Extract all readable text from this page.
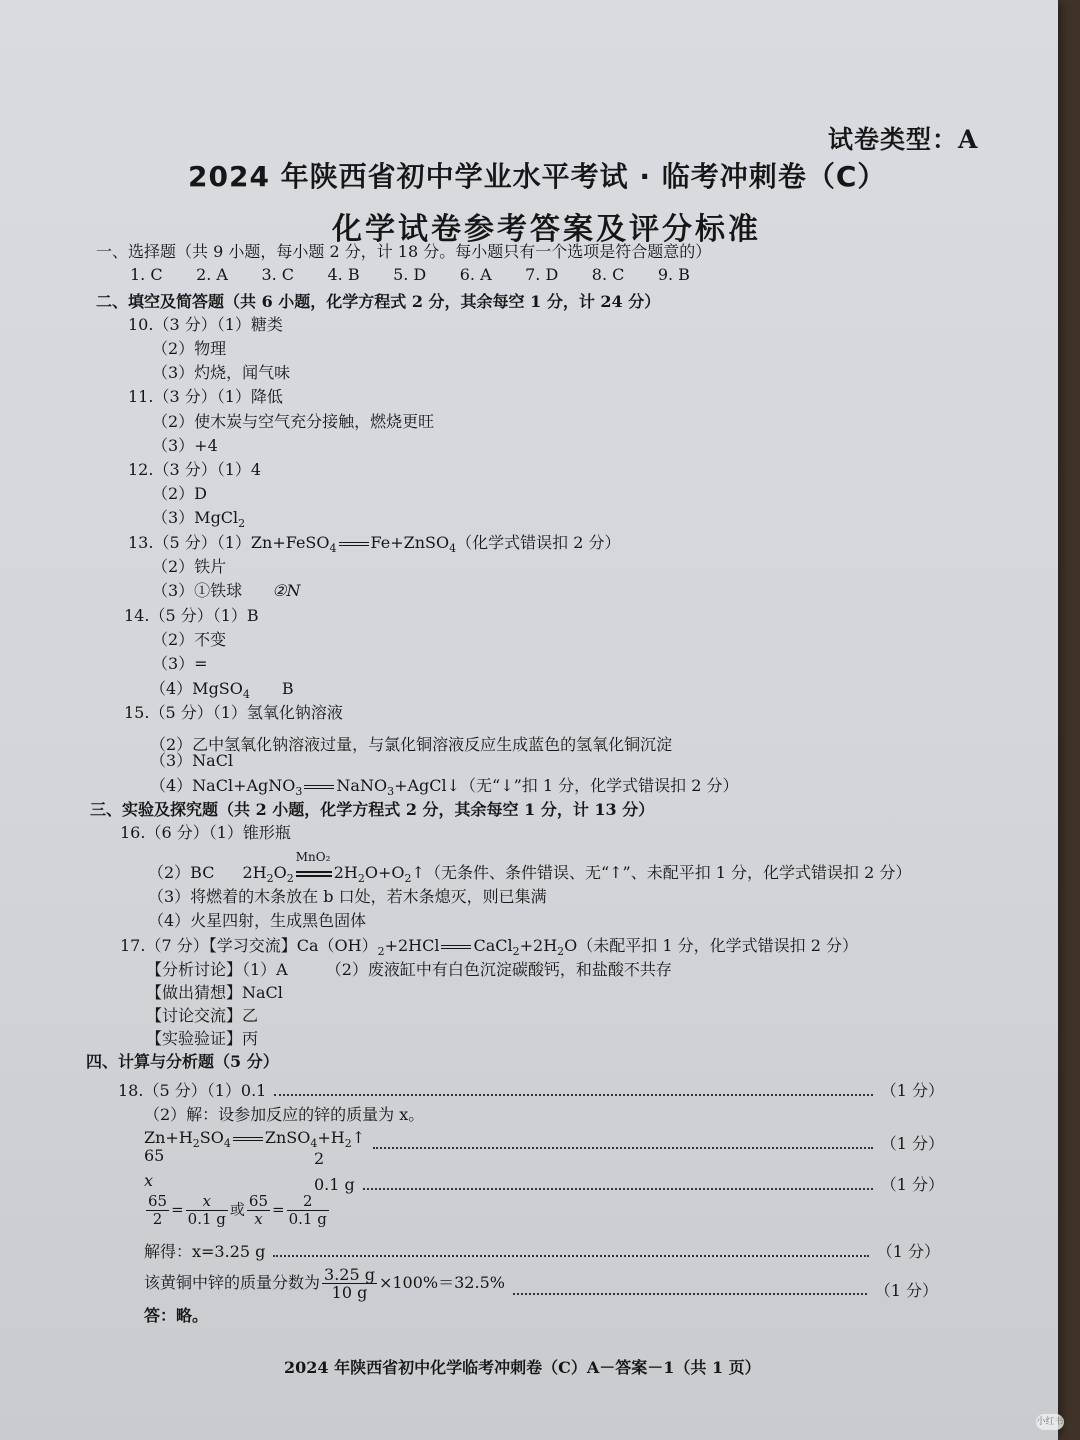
试卷类型：A
2024 年陕西省初中学业水平考试 · 临考冲刺卷（C）
化学试卷参考答案及评分标准
一、选择题（共 9 小题，每小题 2 分，计 18 分。每小题只有一个选项是符合题意的）
1. C 2. A 3. C 4. B 5. D 6. A 7. D 8. C 9. B
二、填空及简答题（共 6 小题，化学方程式 2 分，其余每空 1 分，计 24 分）
10.（3 分）（1）糖类
（2）物理
（3）灼烧，闻气味
11.（3 分）（1）降低
（2）使木炭与空气充分接触，燃烧更旺
（3）+4
12.（3 分）（1）4
（2）D
（3）MgCl$_2$
13.（5 分）（1）Zn+FeSO$_4$ Fe+ZnSO$_4$（化学式错误扣 2 分）
（2）铁片
（3）①铁球 ②N
14.（5 分）（1）B
（2）不变
（3）=
（4）MgSO$_4$ B
15.（5 分）（1）氢氧化钠溶液
（2）乙中氢氧化钠溶液过量，与氯化铜溶液反应生成蓝色的氢氧化铜沉淀
（3）NaCl
（4）NaCl+AgNO$_3$ NaNO$_3$+AgCl↓（无“↓”扣 1 分，化学式错误扣 2 分）
三、实验及探究题（共 2 小题，化学方程式 2 分，其余每空 1 分，计 13 分）
16.（6 分）（1）锥形瓶
（2）BC $2H_2O_2$
MnO₂
$2H_2O+O_2↑$（无条件、条件错误、无“↑”、未配平扣 1 分，化学式错误扣 2 分）
（3）将燃着的木条放在 b 口处，若木条熄灭，则已集满
（4）火星四射，生成黑色固体
17.（7 分）【学习交流】$Ca(OH)_2+2HCl$ $CaCl_2+2H_2O$（未配平扣 1 分，化学式错误扣 2 分）
【分析讨论】（1）A （2）废液缸中有白色沉淀碳酸钙，和盐酸不共存
【做出猜想】NaCl
【讨论交流】乙
【实验验证】丙
四、计算与分析题（5 分）
18.（5 分）（1）0.1	（1 分）
（2）解：设参加反应的锌的质量为 x。
$Zn+H_2SO_4$ $ZnSO_4+H_2↑$	（1 分）
65	2
x	0.1 g	（1 分）
$\frac{65}{2} = \frac{x}{0.1 g}$ 或 $\frac{65}{x} = \frac{2}{0.1 g}$
解得：x=3.25 g	（1 分）
该黄铜中锌的质量分数为 $\frac{3.25 g}{10 g} \times 100\%=32.5\%$	（1 分）
答：略。
2024 年陕西省初中化学临考冲刺卷（C）A－答案－1（共 1 页）
小红书
